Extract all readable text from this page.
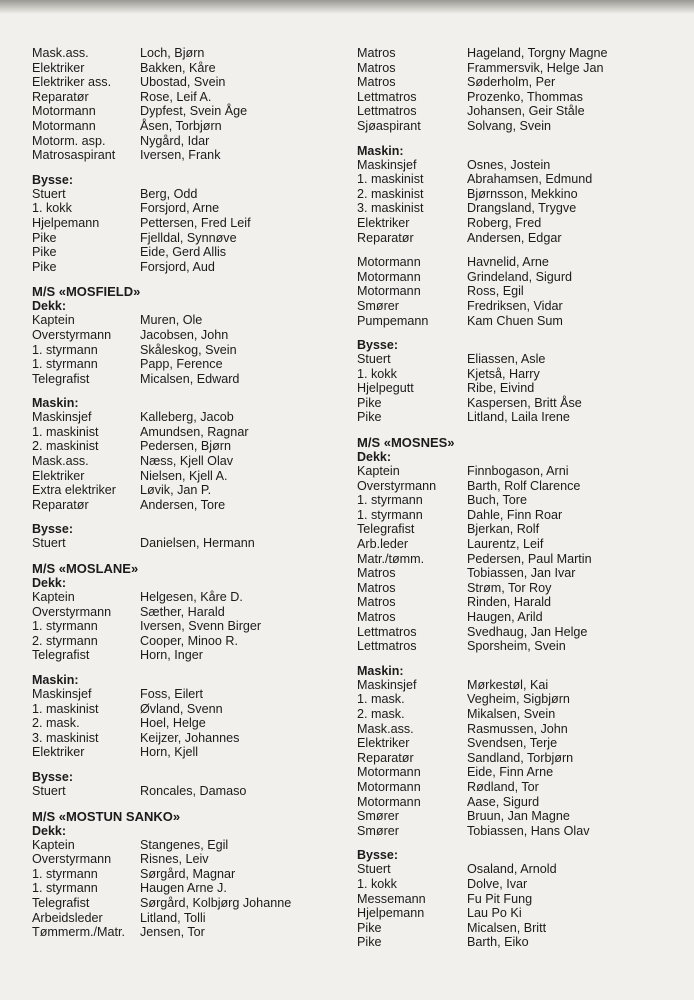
Mask.ass.	Loch, Bjørn
Elektriker	Bakken, Kåre
Elektriker ass.	Ubostad, Svein
Reparatør	Rose, Leif A.
Motormann	Dypfest, Svein Åge
Motormann	Åsen, Torbjørn
Motorm. asp.	Nygård, Idar
Matrosaspirant	Iversen, Frank
Bysse:
Stuert	Berg, Odd
1. kokk	Forsjord, Arne
Hjelpemann	Pettersen, Fred Leif
Pike	Fjelldal, Synnøve
Pike	Eide, Gerd Allis
Pike	Forsjord, Aud
M/S «MOSFIELD»
Dekk:
Kaptein	Muren, Ole
Overstyrmann	Jacobsen, John
1. styrmann	Skåleskog, Svein
1. styrmann	Papp, Ference
Telegrafist	Micalsen, Edward
Maskin:
Maskinsjef	Kalleberg, Jacob
1. maskinist	Amundsen, Ragnar
2. maskinist	Pedersen, Bjørn
Mask.ass.	Næss, Kjell Olav
Elektriker	Nielsen, Kjell A.
Extra elektriker	Løvik, Jan P.
Reparatør	Andersen, Tore
Bysse:
Stuert	Danielsen, Hermann
M/S «MOSLANE»
Dekk:
Kaptein	Helgesen, Kåre D.
Overstyrmann	Sæther, Harald
1. styrmann	Iversen, Svenn Birger
2. styrmann	Cooper, Minoo R.
Telegrafist	Horn, Inger
Maskin:
Maskinsjef	Foss, Eilert
1. maskinist	Øvland, Svenn
2. mask.	Hoel, Helge
3. maskinist	Keijzer, Johannes
Elektriker	Horn, Kjell
Bysse:
Stuert	Roncales, Damaso
M/S «MOSTUN SANKO»
Dekk:
Kaptein	Stangenes, Egil
Overstyrmann	Risnes, Leiv
1. styrmann	Sørgård, Magnar
1. styrmann	Haugen Arne J.
Telegrafist	Sørgård, Kolbjørg Johanne
Arbeidsleder	Litland, Tolli
Tømmerm./Matr.	Jensen, Tor
Matros	Hageland, Torgny Magne
Matros	Frammersvik, Helge Jan
Matros	Søderholm, Per
Lettmatros	Prozenko, Thommas
Lettmatros	Johansen, Geir Ståle
Sjøaspirant	Solvang, Svein
Maskin:
Maskinsjef	Osnes, Jostein
1. maskinist	Abrahamsen, Edmund
2. maskinist	Bjørnsson, Mekkino
3. maskinist	Drangsland, Trygve
Elektriker	Roberg, Fred
Reparatør	Andersen, Edgar
Motormann	Havnelid, Arne
Motormann	Grindeland, Sigurd
Motormann	Ross, Egil
Smører	Fredriksen, Vidar
Pumpemann	Kam Chuen Sum
Bysse:
Stuert	Eliassen, Asle
1. kokk	Kjetså, Harry
Hjelpegutt	Ribe, Eivind
Pike	Kaspersen, Britt Åse
Pike	Litland, Laila Irene
M/S «MOSNES»
Dekk:
Kaptein	Finnbogason, Arni
Overstyrmann	Barth, Rolf Clarence
1. styrmann	Buch, Tore
1. styrmann	Dahle, Finn Roar
Telegrafist	Bjerkan, Rolf
Arb.leder	Laurentz, Leif
Matr./tømm.	Pedersen, Paul Martin
Matros	Tobiassen, Jan Ivar
Matros	Strøm, Tor Roy
Matros	Rinden, Harald
Matros	Haugen, Arild
Lettmatros	Svedhaug, Jan Helge
Lettmatros	Sporsheim, Svein
Maskin:
Maskinsjef	Mørkestøl, Kai
1. mask.	Vegheim, Sigbjørn
2. mask.	Mikalsen, Svein
Mask.ass.	Rasmussen, John
Elektriker	Svendsen, Terje
Reparatør	Sandland, Torbjørn
Motormann	Eide, Finn Arne
Motormann	Rødland, Tor
Motormann	Aase, Sigurd
Smører	Bruun, Jan Magne
Smører	Tobiassen, Hans Olav
Bysse:
Stuert	Osaland, Arnold
1. kokk	Dolve, Ivar
Messemann	Fu Pit Fung
Hjelpemann	Lau Po Ki
Pike	Micalsen, Britt
Pike	Barth, Eiko
